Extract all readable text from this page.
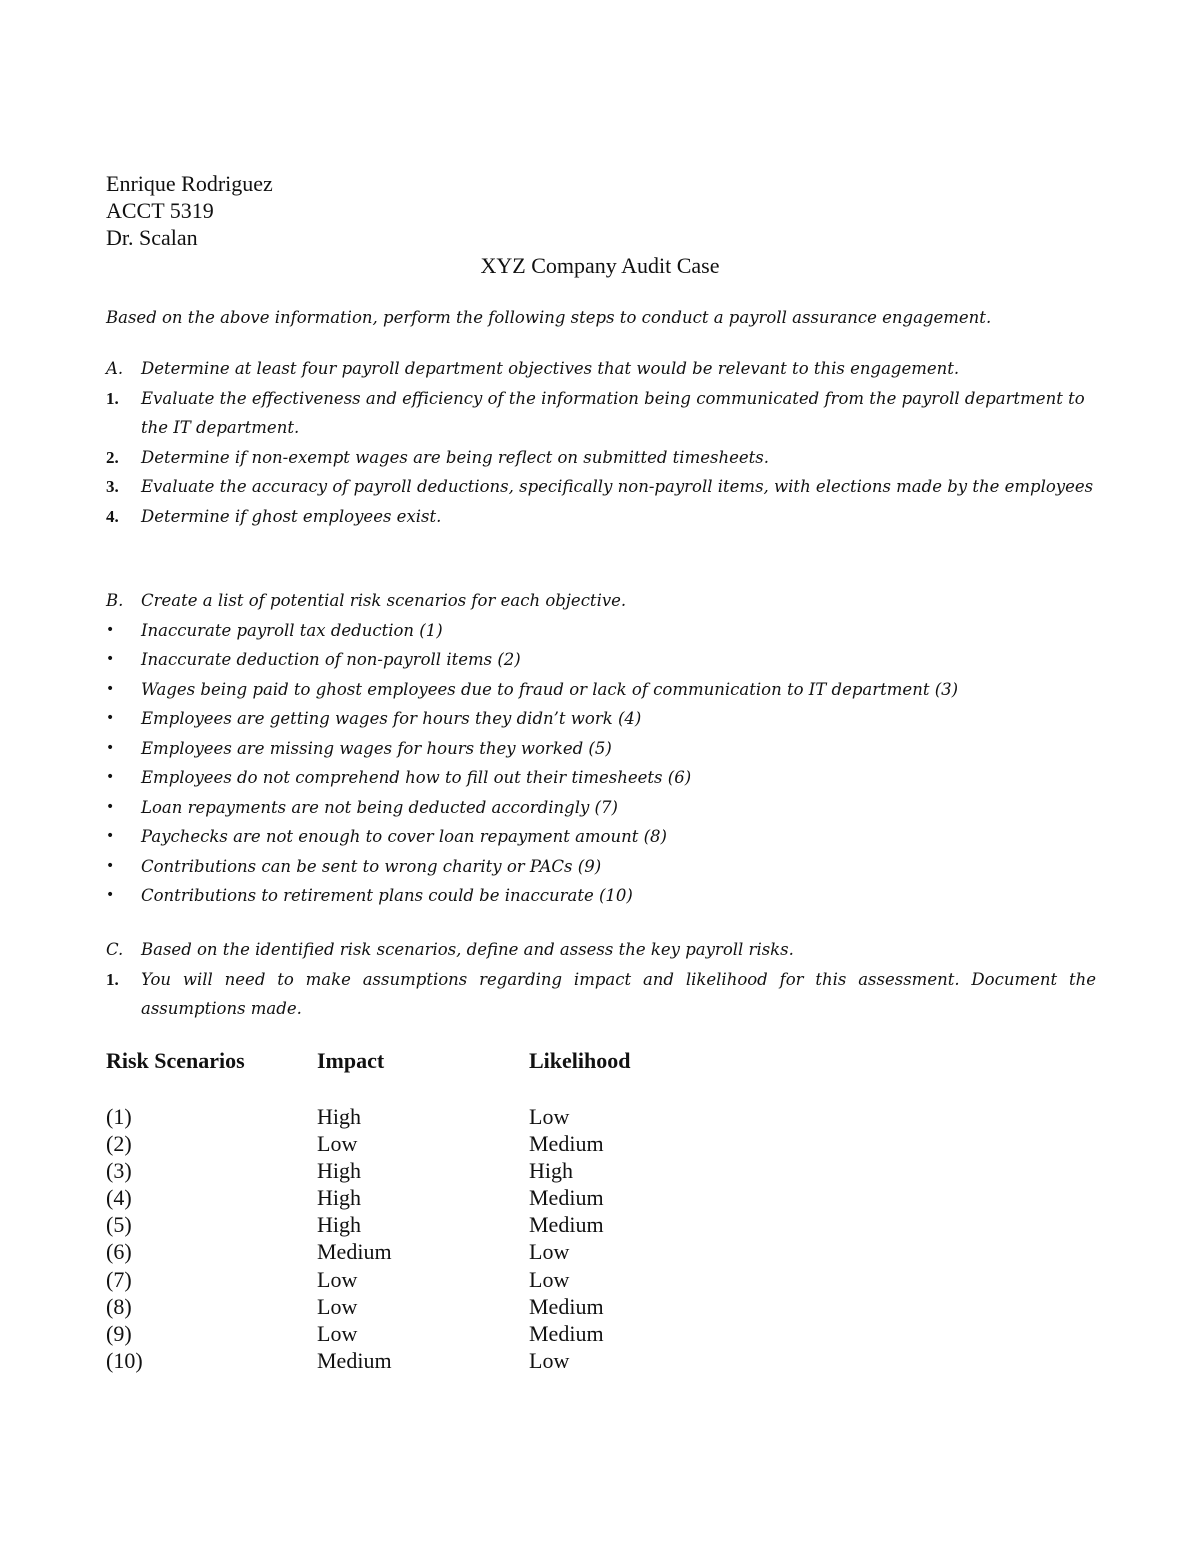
Enrique Rodriguez
ACCT 5319
Dr. Scalan
XYZ Company Audit Case
Based on the above information, perform the following steps to conduct a payroll assurance engagement.
A.	Determine at least four payroll department objectives that would be relevant to this engagement.
1.	Evaluate the effectiveness and efficiency of the information being communicated from the payroll department to the IT department.
2.	Determine if non-exempt wages are being reflect on submitted timesheets.
3.	Evaluate the accuracy of payroll deductions, specifically non-payroll items, with elections made by the employees
4.	Determine if ghost employees exist.
B.	Create a list of potential risk scenarios for each objective.
•	Inaccurate payroll tax deduction (1)
•	Inaccurate deduction of non-payroll items (2)
•	Wages being paid to ghost employees due to fraud or lack of communication to IT department (3)
•	Employees are getting wages for hours they didn’t work (4)
•	Employees are missing wages for hours they worked (5)
•	Employees do not comprehend how to fill out their timesheets (6)
•	Loan repayments are not being deducted accordingly (7)
•	Paychecks are not enough to cover loan repayment amount (8)
•	Contributions can be sent to wrong charity or PACs (9)
•	Contributions to retirement plans could be inaccurate (10)
C.	Based on the identified risk scenarios, define and assess the key payroll risks.
1.	You will need to make assumptions regarding impact and likelihood for this assessment. Document the assumptions made.
Risk Scenarios	Impact	Likelihood
(1)	High	Low
(2)	Low	Medium
(3)	High	High
(4)	High	Medium
(5)	High	Medium
(6)	Medium	Low
(7)	Low	Low
(8)	Low	Medium
(9)	Low	Medium
(10)	Medium	Low
